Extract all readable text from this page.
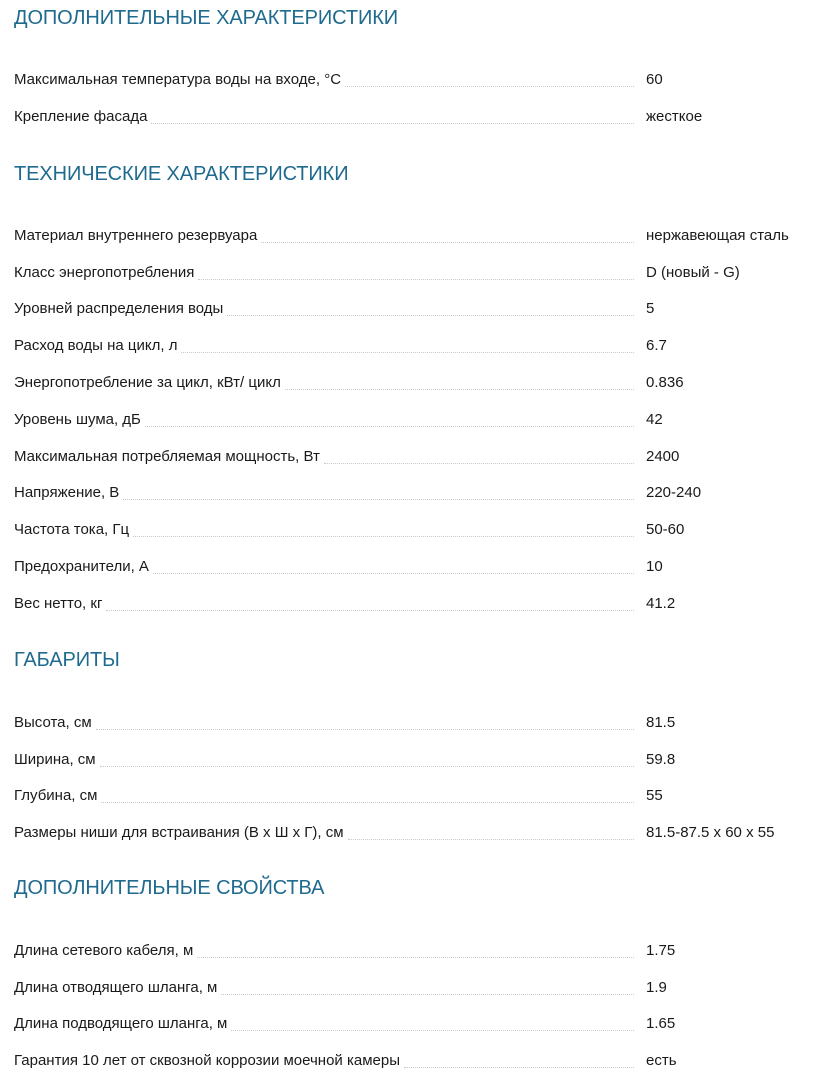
ДОПОЛНИТЕЛЬНЫЕ ХАРАКТЕРИСТИКИ
Максимальная температура воды на входе, °C	60
Крепление фасада	жесткое
ТЕХНИЧЕСКИЕ ХАРАКТЕРИСТИКИ
Материал внутреннего резервуара	нержавеющая сталь
Класс энергопотребления	D (новый - G)
Уровней распределения воды	5
Расход воды на цикл, л	6.7
Энергопотребление за цикл, кВт/ цикл	0.836
Уровень шума, дБ	42
Максимальная потребляемая мощность, Вт	2400
Напряжение, В	220-240
Частота тока, Гц	50-60
Предохранители, А	10
Вес нетто, кг	41.2
ГАБАРИТЫ
Высота, см	81.5
Ширина, см	59.8
Глубина, см	55
Размеры ниши для встраивания (В х Ш х Г), см	81.5-87.5 х 60 х 55
ДОПОЛНИТЕЛЬНЫЕ СВОЙСТВА
Длина сетевого кабеля, м	1.75
Длина отводящего шланга, м	1.9
Длина подводящего шланга, м	1.65
Гарантия 10 лет от сквозной коррозии моечной камеры	есть
